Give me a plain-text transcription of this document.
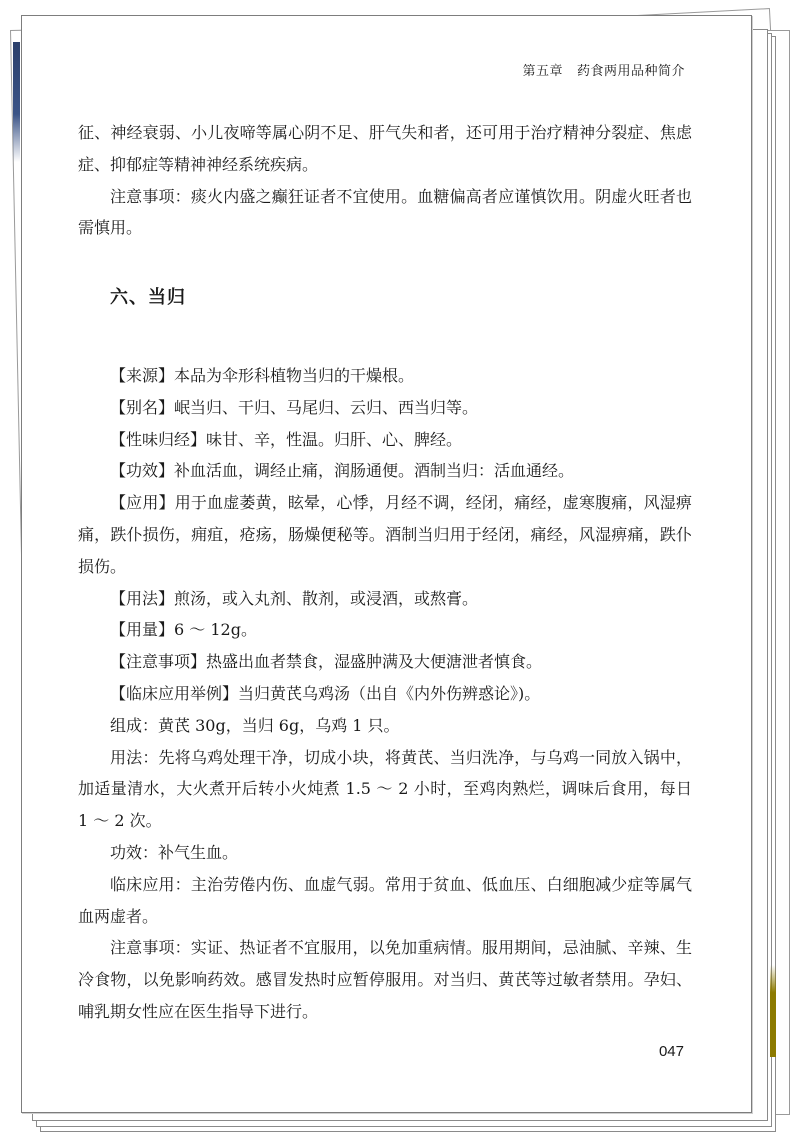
第五章 药食两用品种简介

征、神经衰弱、小儿夜啼等属心阴不足、肝气失和者，还可用于治疗精神分裂症、焦虑症、抑郁症等精神神经系统疾病。

注意事项：痰火内盛之癫狂证者不宜使用。血糖偏高者应谨慎饮用。阴虚火旺者也需慎用。

六、当归

【来源】本品为伞形科植物当归的干燥根。

【别名】岷当归、干归、马尾归、云归、西当归等。

【性味归经】味甘、辛，性温。归肝、心、脾经。

【功效】补血活血，调经止痛，润肠通便。酒制当归：活血通经。

【应用】用于血虚萎黄，眩晕，心悸，月经不调，经闭，痛经，虚寒腹痛，风湿痹痛，跌仆损伤，痈疽，疮疡，肠燥便秘等。酒制当归用于经闭，痛经，风湿痹痛，跌仆损伤。

【用法】煎汤，或入丸剂、散剂，或浸酒，或熬膏。

【用量】6 ～ 12g。

【注意事项】热盛出血者禁食，湿盛肿满及大便溏泄者慎食。

【临床应用举例】当归黄芪乌鸡汤（出自《内外伤辨惑论》)。

组成：黄芪 30g，当归 6g，乌鸡 1 只。

用法：先将乌鸡处理干净，切成小块，将黄芪、当归洗净，与乌鸡一同放入锅中，加适量清水，大火煮开后转小火炖煮 1.5 ～ 2 小时，至鸡肉熟烂，调味后食用，每日 1 ～ 2 次。

功效：补气生血。

临床应用：主治劳倦内伤、血虚气弱。常用于贫血、低血压、白细胞减少症等属气血两虚者。

注意事项：实证、热证者不宜服用，以免加重病情。服用期间，忌油腻、辛辣、生冷食物，以免影响药效。感冒发热时应暂停服用。对当归、黄芪等过敏者禁用。孕妇、哺乳期女性应在医生指导下进行。

047
